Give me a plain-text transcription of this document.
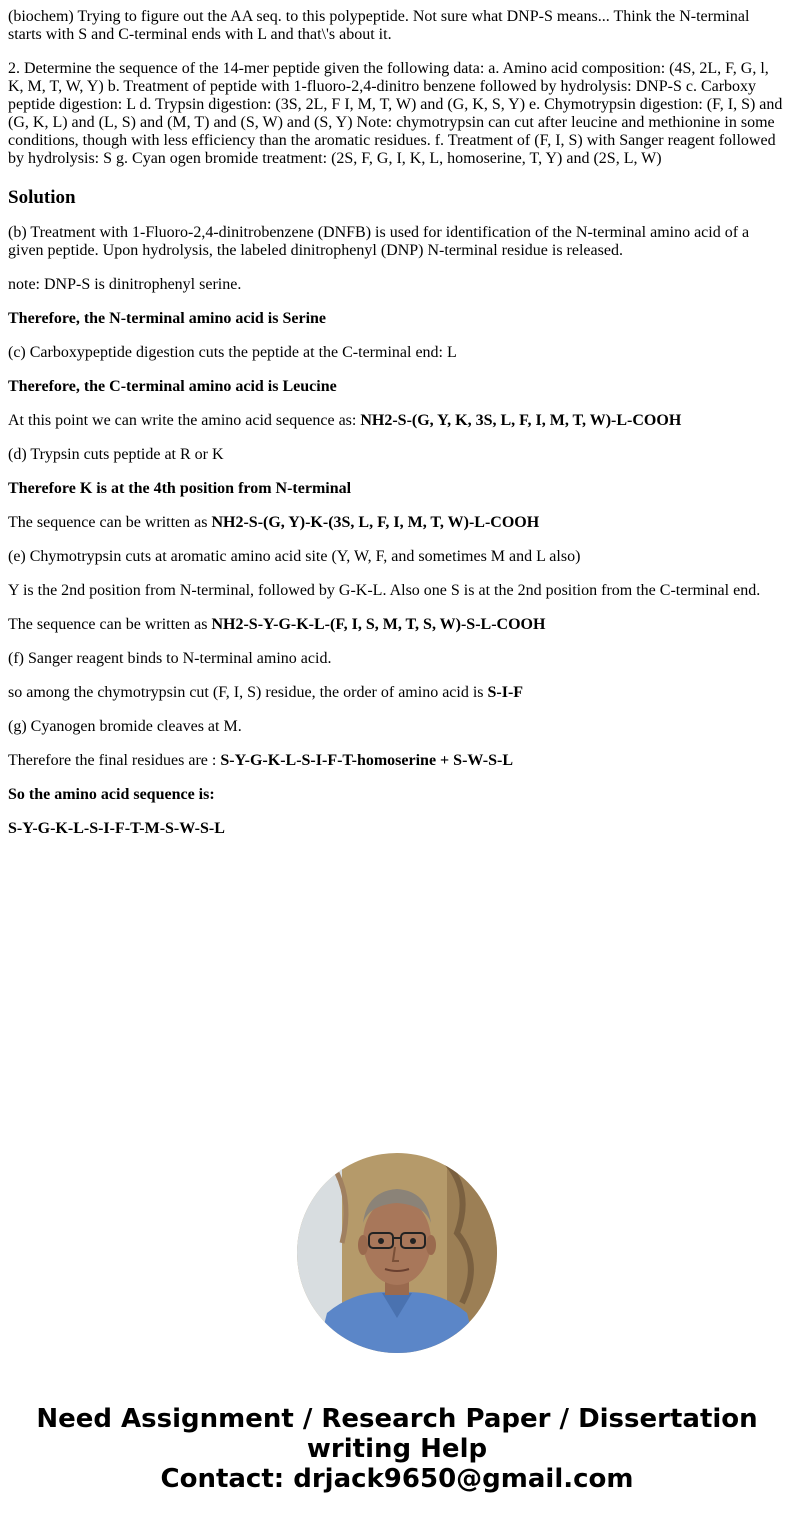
(biochem) Trying to figure out the AA seq. to this polypeptide. Not sure what DNP-S means... Think the N-terminal starts with S and C-terminal ends with L and that\'s about it.

2. Determine the sequence of the 14-mer peptide given the following data: a. Amino acid composition: (4S, 2L, F, G, l, K, M, T, W, Y) b. Treatment of peptide with 1-fluoro-2,4-dinitro benzene followed by hydrolysis: DNP-S c. Carboxy peptide digestion: L d. Trypsin digestion: (3S, 2L, F I, M, T, W) and (G, K, S, Y) e. Chymotrypsin digestion: (F, I, S) and (G, K, L) and (L, S) and (M, T) and (S, W) and (S, Y) Note: chymotrypsin can cut after leucine and methionine in some conditions, though with less efficiency than the aromatic residues. f. Treatment of (F, I, S) with Sanger reagent followed by hydrolysis: S g. Cyan ogen bromide treatment: (2S, F, G, I, K, L, homoserine, T, Y) and (2S, L, W)

Solution

(b) Treatment with 1-Fluoro-2,4-dinitrobenzene (DNFB) is used for identification of the N-terminal amino acid of a given peptide. Upon hydrolysis, the labeled dinitrophenyl (DNP) N-terminal residue is released.

note: DNP-S is dinitrophenyl serine.

Therefore, the N-terminal amino acid is Serine

(c) Carboxypeptide digestion cuts the peptide at the C-terminal end: L

Therefore, the C-terminal amino acid is Leucine

At this point we can write the amino acid sequence as: NH2-S-(G, Y, K, 3S, L, F, I, M, T, W)-L-COOH

(d) Trypsin cuts peptide at R or K

Therefore K is at the 4th position from N-terminal

The sequence can be written as NH2-S-(G, Y)-K-(3S, L, F, I, M, T, W)-L-COOH

(e) Chymotrypsin cuts at aromatic amino acid site (Y, W, F, and sometimes M and L also)

Y is the 2nd position from N-terminal, followed by G-K-L. Also one S is at the 2nd position from the C-terminal end.

The sequence can be written as NH2-S-Y-G-K-L-(F, I, S, M, T, S, W)-S-L-COOH

(f) Sanger reagent binds to N-terminal amino acid.

so among the chymotrypsin cut (F, I, S) residue, the order of amino acid is S-I-F

(g) Cyanogen bromide cleaves at M.

Therefore the final residues are : S-Y-G-K-L-S-I-F-T-homoserine + S-W-S-L

So the amino acid sequence is:

S-Y-G-K-L-S-I-F-T-M-S-W-S-L

Need Assignment / Research Paper / Dissertation
writing Help
Contact: drjack9650@gmail.com
